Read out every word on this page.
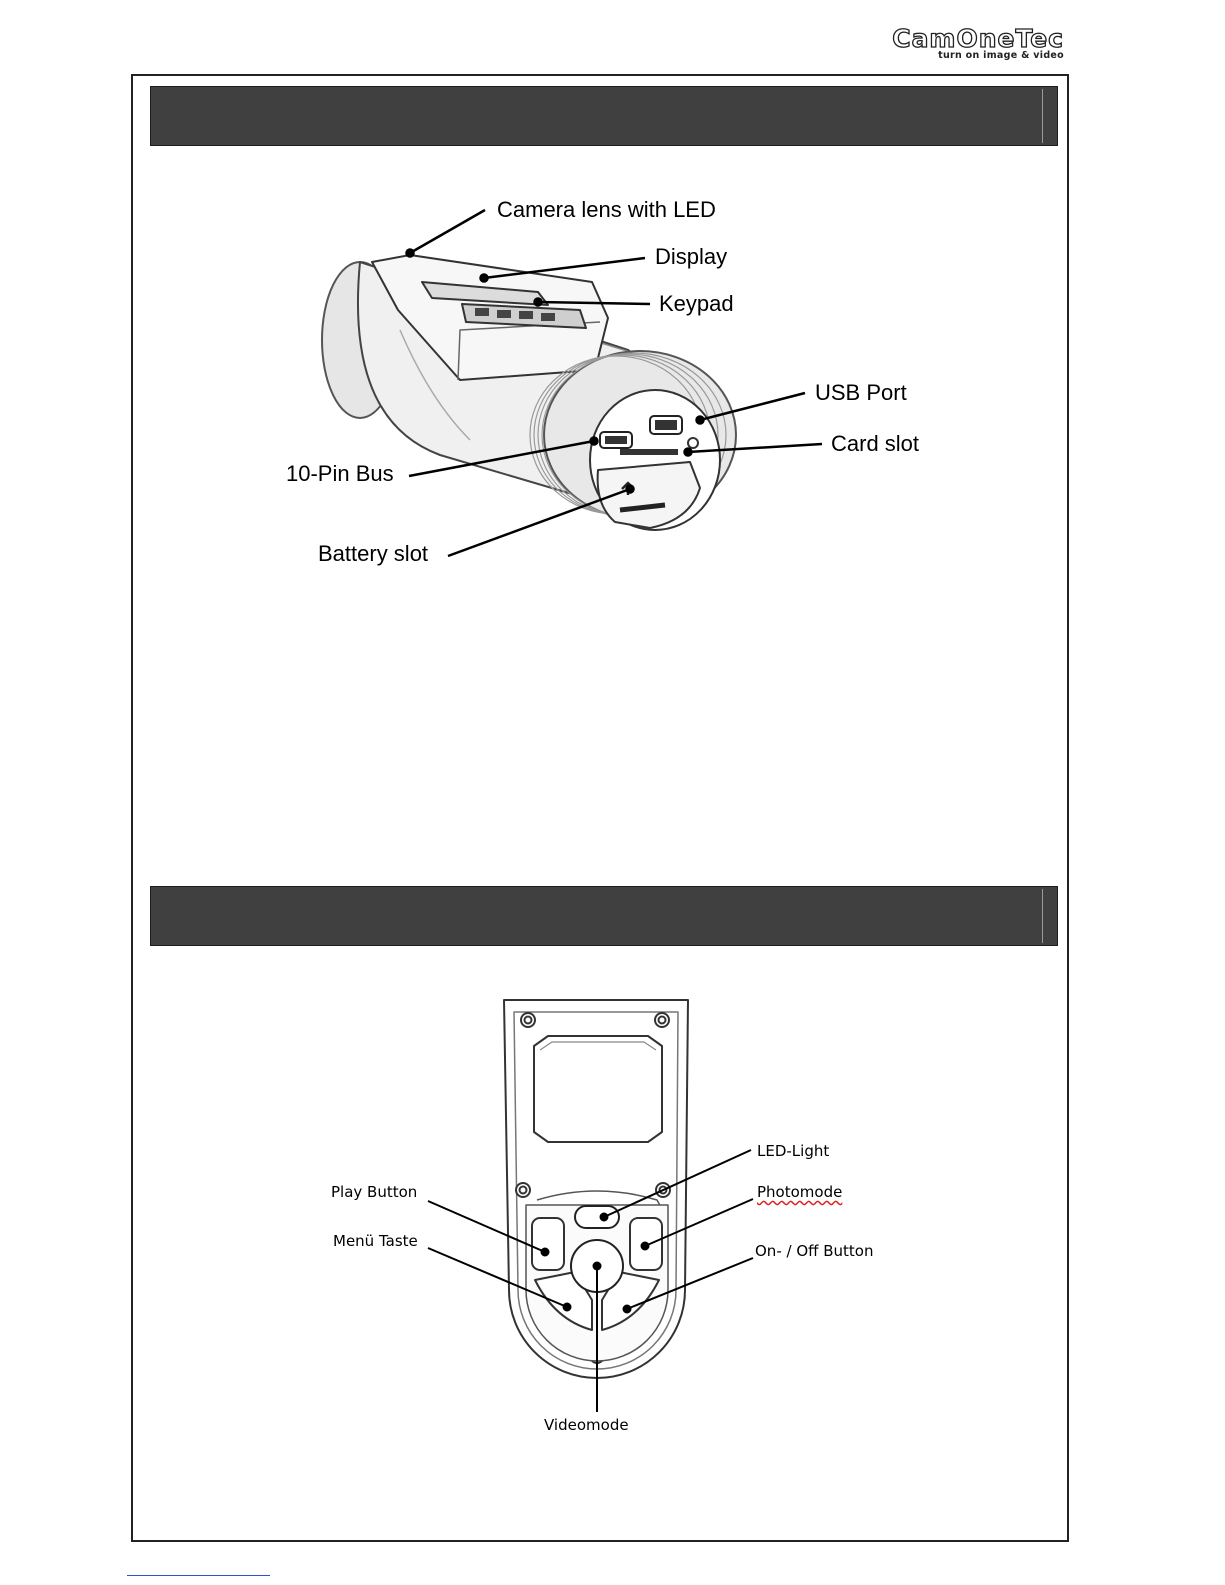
CamOneTec
turn on image & video
Camera lens with LED
Display
Keypad
USB Port
Card slot
10-Pin Bus
Battery slot
LED-Light
Play Button	Photomode
Menü Taste
On- / Off Button
Videomode
